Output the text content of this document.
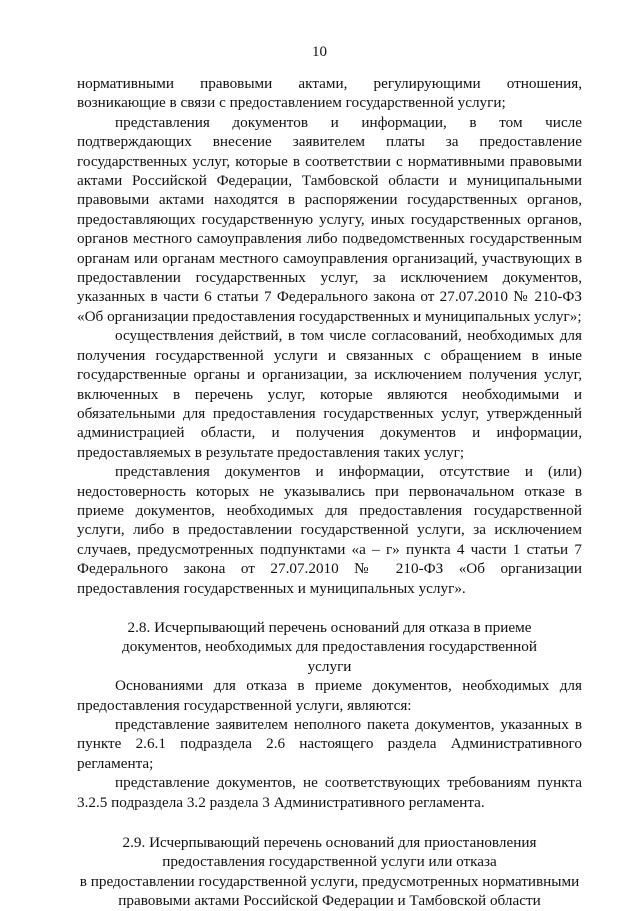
10

нормативными правовыми актами, регулирующими отношения, возникающие в связи с предоставлением государственной услуги;

представления документов и информации, в том числе подтверждающих внесение заявителем платы за предоставление государственных услуг, которые в соответствии с нормативными правовыми актами Российской Федерации, Тамбовской области и муниципальными правовыми актами находятся в распоряжении государственных органов, предоставляющих государственную услугу, иных государственных органов, органов местного самоуправления либо подведомственных государственным органам или органам местного самоуправления организаций, участвующих в предоставлении государственных услуг, за исключением документов, указанных в части 6 статьи 7 Федерального закона от 27.07.2010 № 210-ФЗ «Об организации предоставления государственных и муниципальных услуг»;

осуществления действий, в том числе согласований, необходимых для получения государственной услуги и связанных с обращением в иные государственные органы и организации, за исключением получения услуг, включенных в перечень услуг, которые являются необходимыми и обязательными для предоставления государственных услуг, утвержденный администрацией области, и получения документов и информации, предоставляемых в результате предоставления таких услуг;

представления документов и информации, отсутствие и (или) недостоверность которых не указывались при первоначальном отказе в приеме документов, необходимых для предоставления государственной услуги, либо в предоставлении государственной услуги, за исключением случаев, предусмотренных подпунктами «а – г» пункта 4 части 1 статьи 7 Федерального закона от 27.07.2010 № 210-ФЗ «Об организации предоставления государственных и муниципальных услуг».

2.8. Исчерпывающий перечень оснований для отказа в приеме

документов, необходимых для предоставления государственной

услуги

Основаниями для отказа в приеме документов, необходимых для предоставления государственной услуги, являются:

представление заявителем неполного пакета документов, указанных в пункте 2.6.1 подраздела 2.6 настоящего раздела Административного регламента;

представление документов, не соответствующих требованиям пункта 3.2.5 подраздела 3.2 раздела 3 Административного регламента.

2.9. Исчерпывающий перечень оснований для приостановления

предоставления государственной услуги или отказа

в предоставлении государственной услуги, предусмотренных нормативными

правовыми актами Российской Федерации и Тамбовской области
